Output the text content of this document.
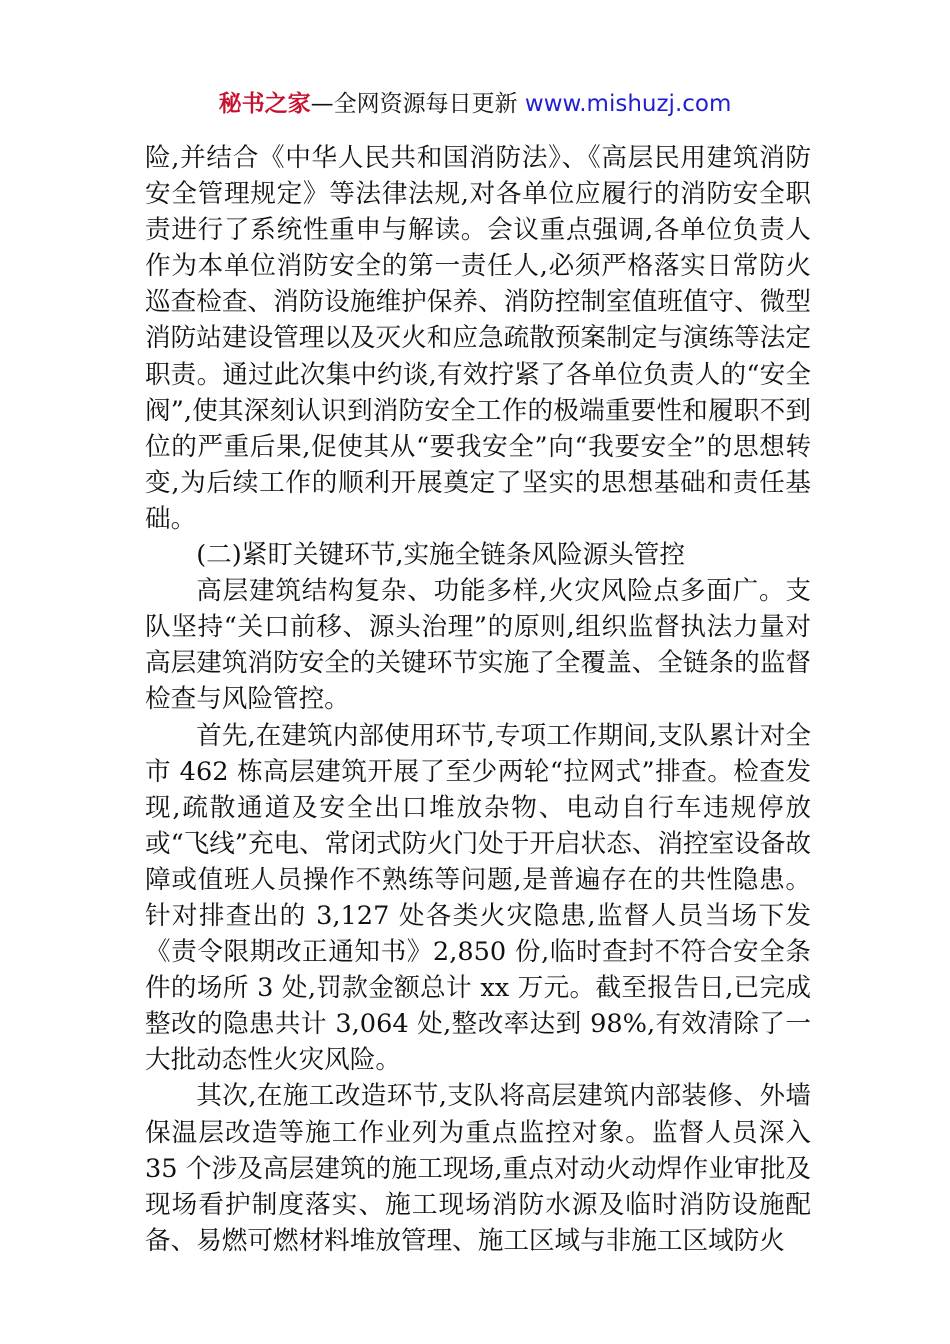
秘书之家—全网资源每日更新 www.mishuzj.com

险,并结合《中华人民共和国消防法》、《高层民用建筑消防安全管理规定》等法律法规,对各单位应履行的消防安全职责进行了系统性重申与解读。会议重点强调,各单位负责人作为本单位消防安全的第一责任人,必须严格落实日常防火巡查检查、消防设施维护保养、消防控制室值班值守、微型消防站建设管理以及灭火和应急疏散预案制定与演练等法定职责。通过此次集中约谈,有效拧紧了各单位负责人的“安全阀”,使其深刻认识到消防安全工作的极端重要性和履职不到位的严重后果,促使其从“要我安全”向“我要安全”的思想转变,为后续工作的顺利开展奠定了坚实的思想基础和责任基础。

(二)紧盯关键环节,实施全链条风险源头管控

高层建筑结构复杂、功能多样,火灾风险点多面广。支队坚持“关口前移、源头治理”的原则,组织监督执法力量对高层建筑消防安全的关键环节实施了全覆盖、全链条的监督检查与风险管控。

首先,在建筑内部使用环节,专项工作期间,支队累计对全市 462 栋高层建筑开展了至少两轮“拉网式”排查。检查发现,疏散通道及安全出口堆放杂物、电动自行车违规停放或“飞线”充电、常闭式防火门处于开启状态、消控室设备故障或值班人员操作不熟练等问题,是普遍存在的共性隐患。针对排查出的 3,127 处各类火灾隐患,监督人员当场下发《责令限期改正通知书》2,850 份,临时查封不符合安全条件的场所 3 处,罚款金额总计 xx 万元。截至报告日,已完成整改的隐患共计 3,064 处,整改率达到 98%,有效清除了一大批动态性火灾风险。

其次,在施工改造环节,支队将高层建筑内部装修、外墙保温层改造等施工作业列为重点监控对象。监督人员深入 35 个涉及高层建筑的施工现场,重点对动火动焊作业审批及现场看护制度落实、施工现场消防水源及临时消防设施配备、易燃可燃材料堆放管理、施工区域与非施工区域防火
